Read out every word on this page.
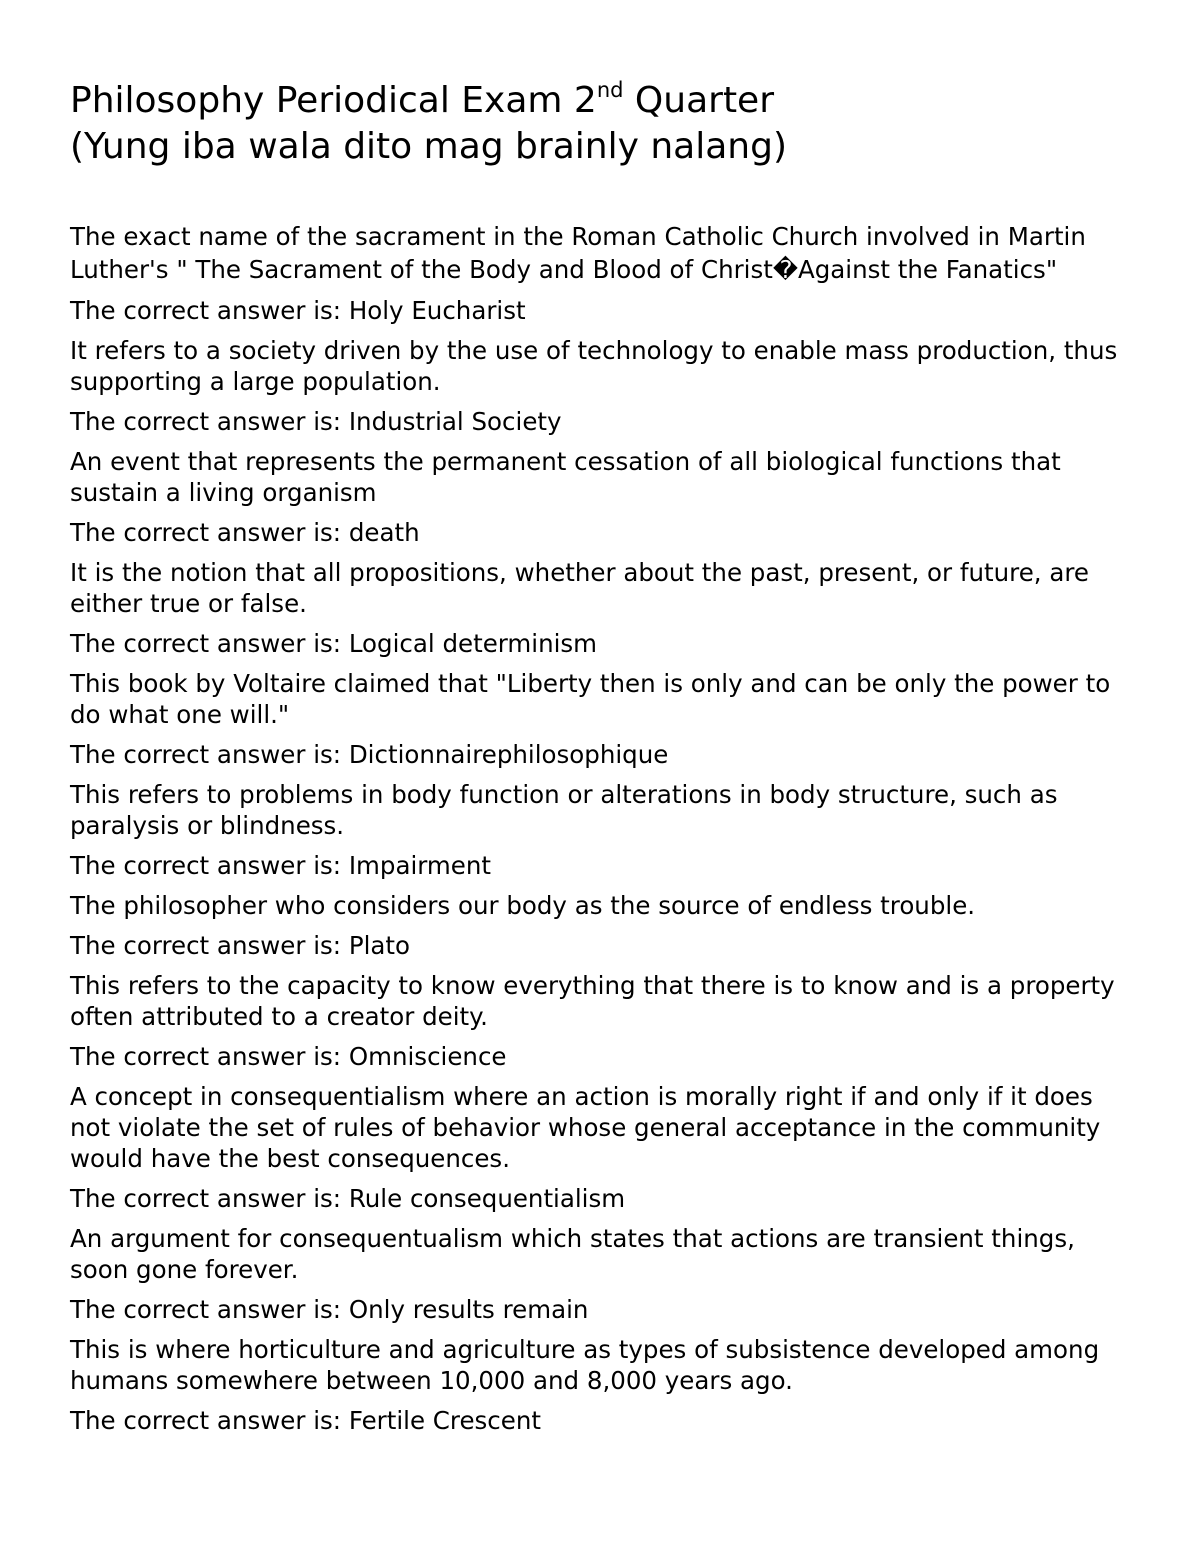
Philosophy Periodical Exam 2nd Quarter
(Yung iba wala dito mag brainly nalang)

The exact name of the sacrament in the Roman Catholic Church involved in Martin Luther's " The Sacrament of the Body and Blood of Christ�Against the Fanatics"

The correct answer is: Holy Eucharist

It refers to a society driven by the use of technology to enable mass production, thus supporting a large population.

The correct answer is: Industrial Society

An event that represents the permanent cessation of all biological functions that sustain a living organism

The correct answer is: death

It is the notion that all propositions, whether about the past, present, or future, are either true or false.

The correct answer is: Logical determinism

This book by Voltaire claimed that "Liberty then is only and can be only the power to do what one will."

The correct answer is: Dictionnairephilosophique

This refers to problems in body function or alterations in body structure, such as paralysis or blindness.

The correct answer is: Impairment

The philosopher who considers our body as the source of endless trouble.

The correct answer is: Plato

This refers to the capacity to know everything that there is to know and is a property often attributed to a creator deity.

The correct answer is: Omniscience

A concept in consequentialism where an action is morally right if and only if it does not violate the set of rules of behavior whose general acceptance in the community would have the best consequences.

The correct answer is: Rule consequentialism

An argument for consequentualism which states that actions are transient things, soon gone forever.

The correct answer is: Only results remain

This is where horticulture and agriculture as types of subsistence developed among humans somewhere between 10,000 and 8,000 years ago.

The correct answer is: Fertile Crescent
